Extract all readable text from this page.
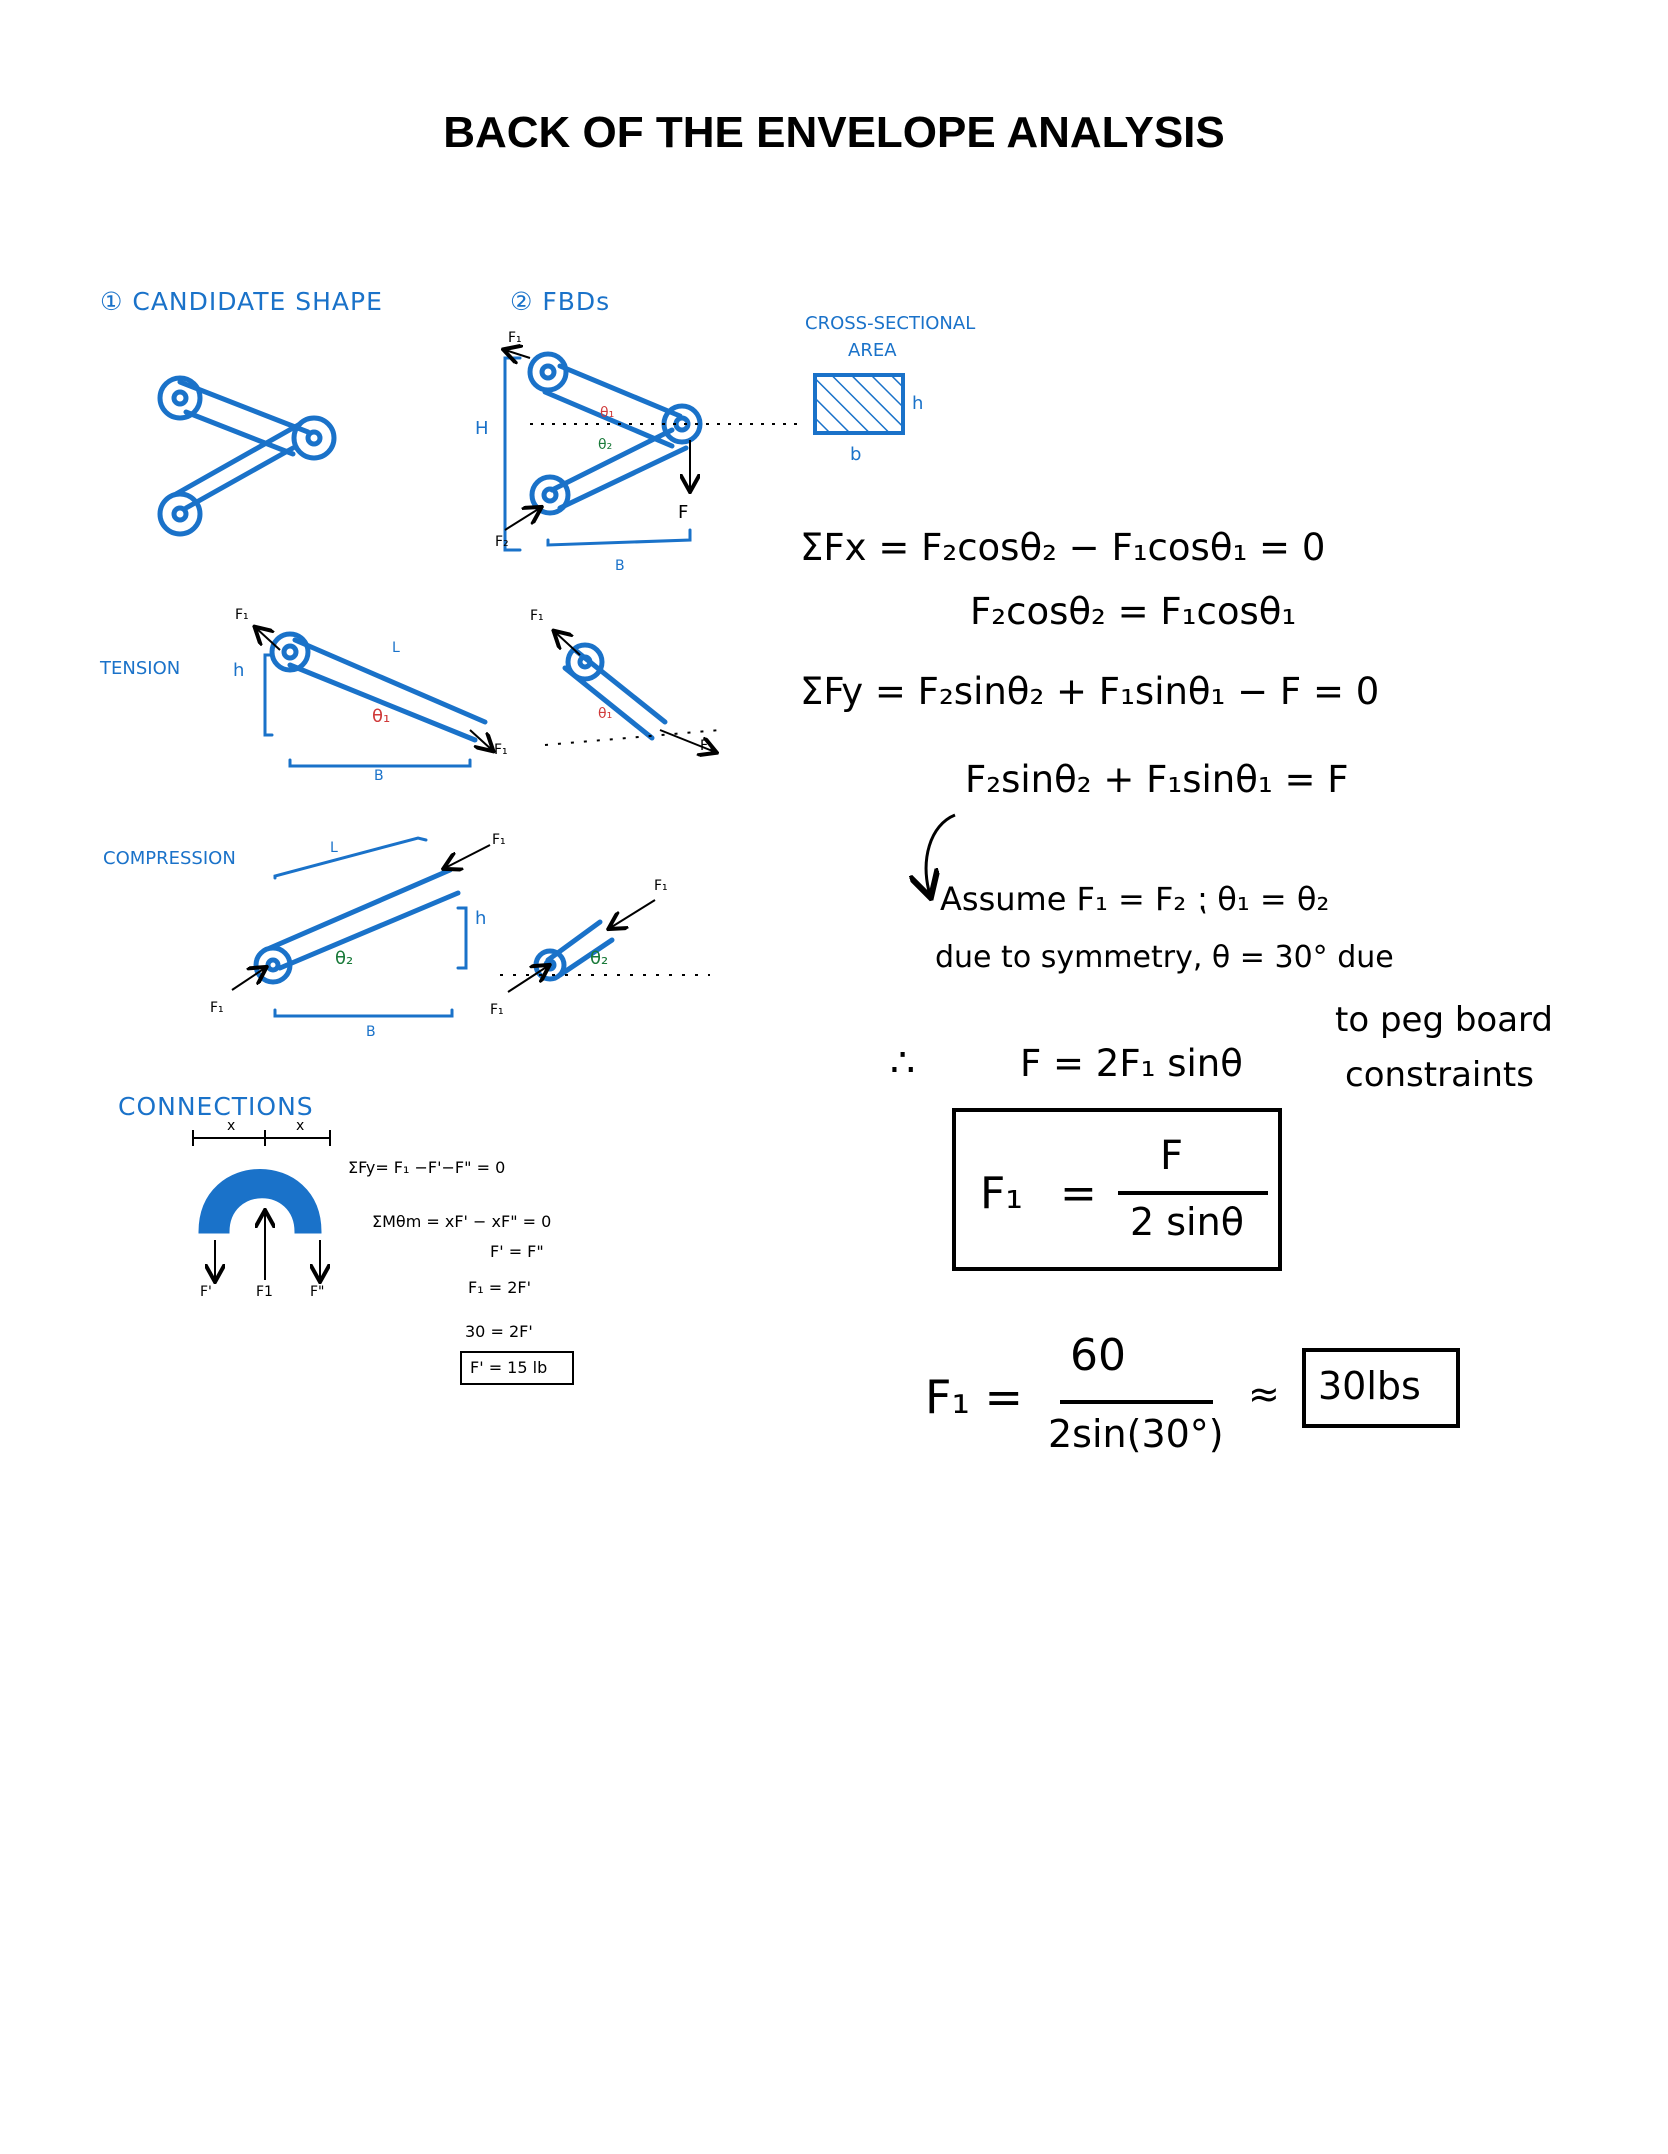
BACK OF THE ENVELOPE ANALYSIS
① CANDIDATE SHAPE	② FBDs
CROSS-SECTIONAL
AREA
TENSION
COMPRESSION
CONNECTIONS
F₁
H
θ₁
θ₂
F
F₂
B
h
b
F₁
h
L
θ₁
F₁
B
F₁
θ₁
F₁
L	F₁
h
θ₂
F₁
B
F₁
θ₂
F₁
x	x
ΣFy= F₁ −F'−F" = 0
ΣMθm = xF' − xF" = 0
F' = F"
F₁ = 2F'
30 = 2F'
F' = 15 lb
F'	F1	F"
ΣFx = F₂cosθ₂ − F₁cosθ₁ = 0
F₂cosθ₂ = F₁cosθ₁
ΣFy = F₂sinθ₂ + F₁sinθ₁ − F = 0
F₂sinθ₂ + F₁sinθ₁ = F
Assume F₁ = F₂ ⁏ θ₁ = θ₂
due to symmetry, θ = 30° due
to peg board
constraints
∴	F = 2F₁ sinθ
F₁ =
F
2 sinθ
F₁ =
60
2sin(30°)
≈	30lbs
